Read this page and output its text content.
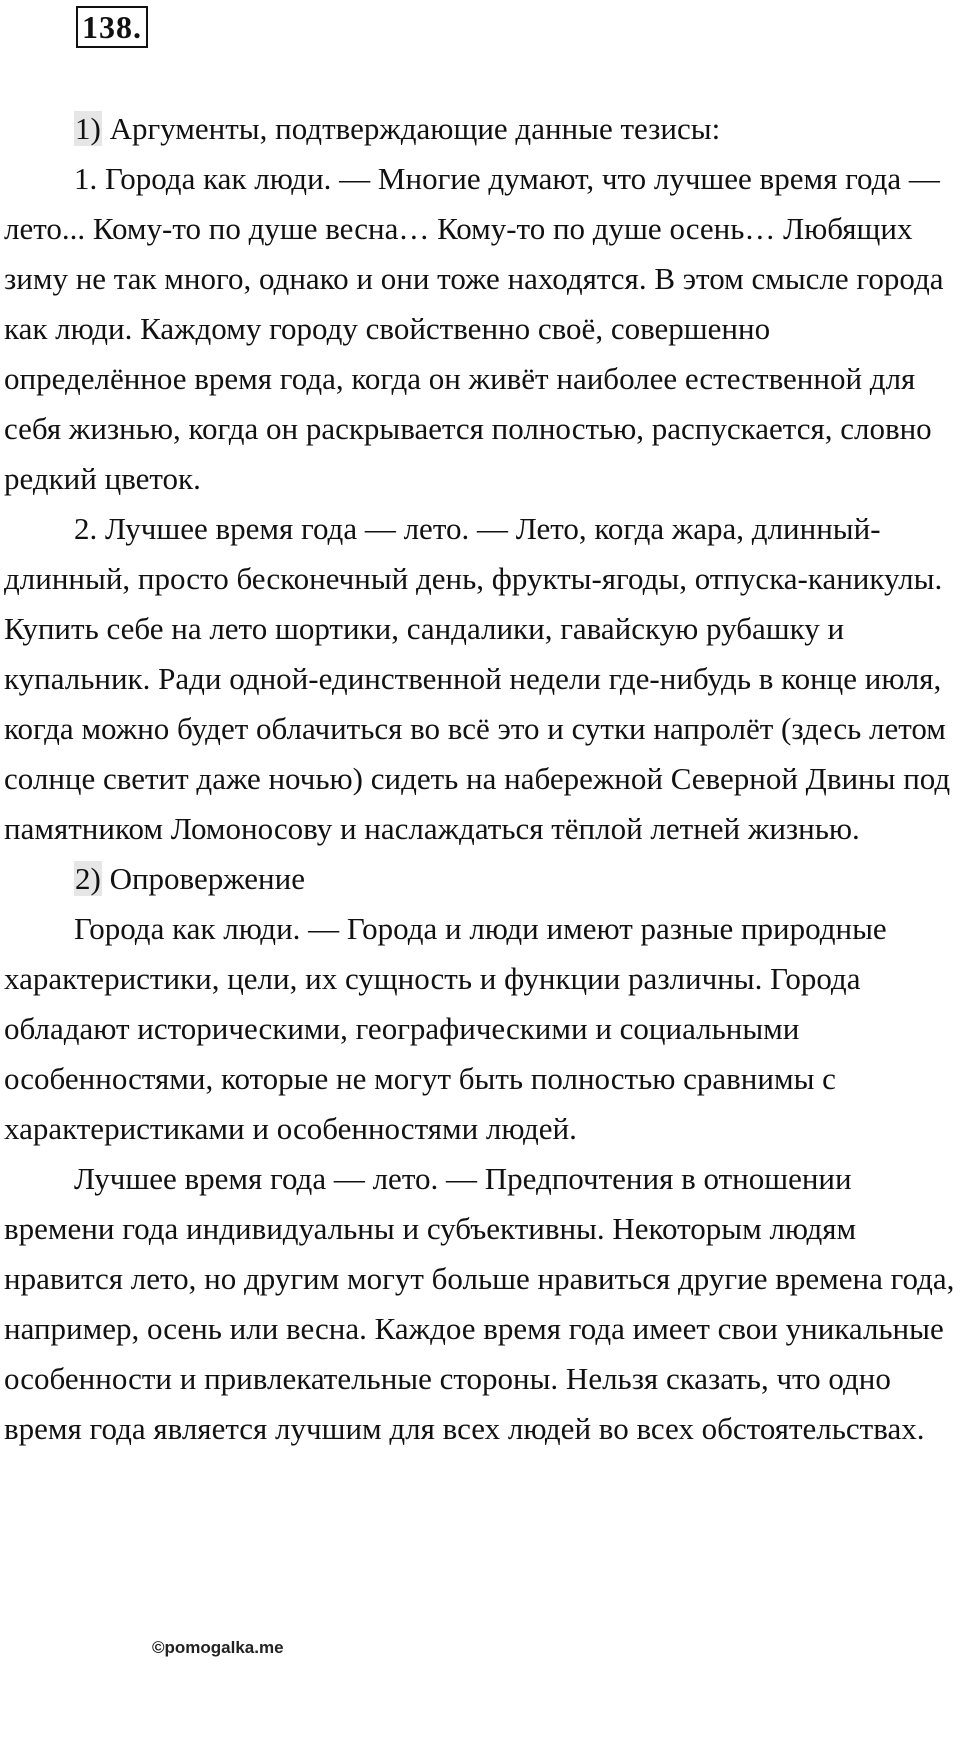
138.

1) Аргументы, подтверждающие данные тезисы:

1. Города как люди. — Многие думают, что лучшее время года — лето... Кому-то по душе весна… Кому-то по душе осень… Любящих зиму не так много, однако и они тоже находятся. В этом смысле города как люди. Каждому городу свойственно своё, совершенно определённое время года, когда он живёт наиболее естественной для себя жизнью, когда он раскрывается полностью, распускается, словно редкий цветок.

2. Лучшее время года — лето. — Лето, когда жара, длинный-длинный, просто бесконечный день, фрукты-ягоды, отпуска-каникулы. Купить себе на лето шортики, сандалики, гавайскую рубашку и купальник. Ради одной-единственной недели где-нибудь в конце июля, когда можно будет облачиться во всё это и сутки напролёт (здесь летом солнце светит даже ночью) сидеть на набережной Северной Двины под памятником Ломоносову и наслаждаться тёплой летней жизнью.

2) Опровержение

Города как люди. — Города и люди имеют разные природные характеристики, цели, их сущность и функции различны. Города обладают историческими, географическими и социальными особенностями, которые не могут быть полностью сравнимы с характеристиками и особенностями людей.

Лучшее время года — лето. — Предпочтения в отношении времени года индивидуальны и субъективны. Некоторым людям нравится лето, но другим могут больше нравиться другие времена года, например, осень или весна. Каждое время года имеет свои уникальные особенности и привлекательные стороны. Нельзя сказать, что одно время года является лучшим для всех людей во всех обстоятельствах.

©pomogalka.me
